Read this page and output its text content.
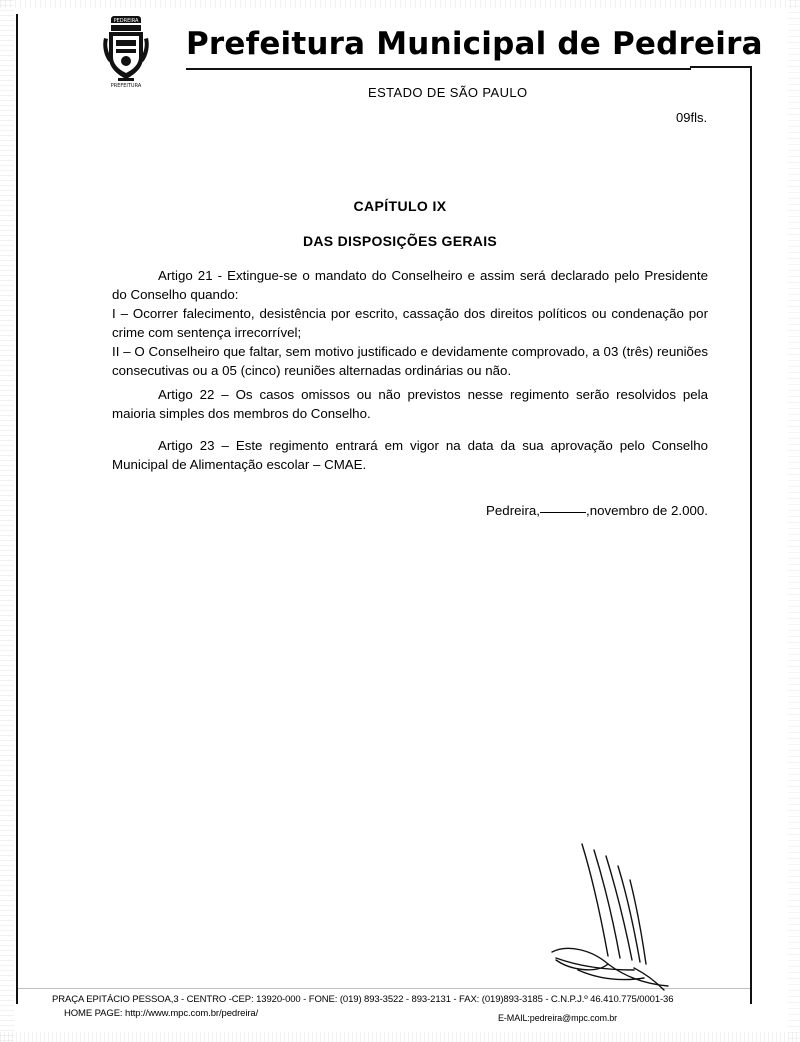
PEDREIRA
PREFEITURA
Prefeitura Municipal de Pedreira
ESTADO DE SÃO PAULO
09fls.
CAPÍTULO IX
DAS DISPOSIÇÕES GERAIS
Artigo 21 - Extingue-se o mandato do Conselheiro e assim será declarado pelo Presidente do Conselho quando:
I – Ocorrer falecimento, desistência por escrito, cassação dos direitos políticos ou condenação por crime com sentença irrecorrível;
II – O Conselheiro que faltar, sem motivo justificado e devidamente comprovado, a 03 (três) reuniões consecutivas ou a 05 (cinco) reuniões alternadas ordinárias ou não.
Artigo 22 – Os casos omissos ou não previstos nesse regimento serão resolvidos pela maioria simples dos membros do Conselho.
Artigo 23 – Este regimento entrará em vigor na data da sua aprovação pelo Conselho Municipal de Alimentação escolar – CMAE.
Pedreira,	,novembro de 2.000.
PRAÇA EPITÁCIO PESSOA,3 - CENTRO -CEP: 13920-000 - FONE: (019) 893-3522 - 893-2131 - FAX: (019)893-3185 - C.N.P.J.º 46.410.775/0001-36
HOME PAGE: http://www.mpc.com.br/pedreira/	E-MAIL:pedreira@mpc.com.br
